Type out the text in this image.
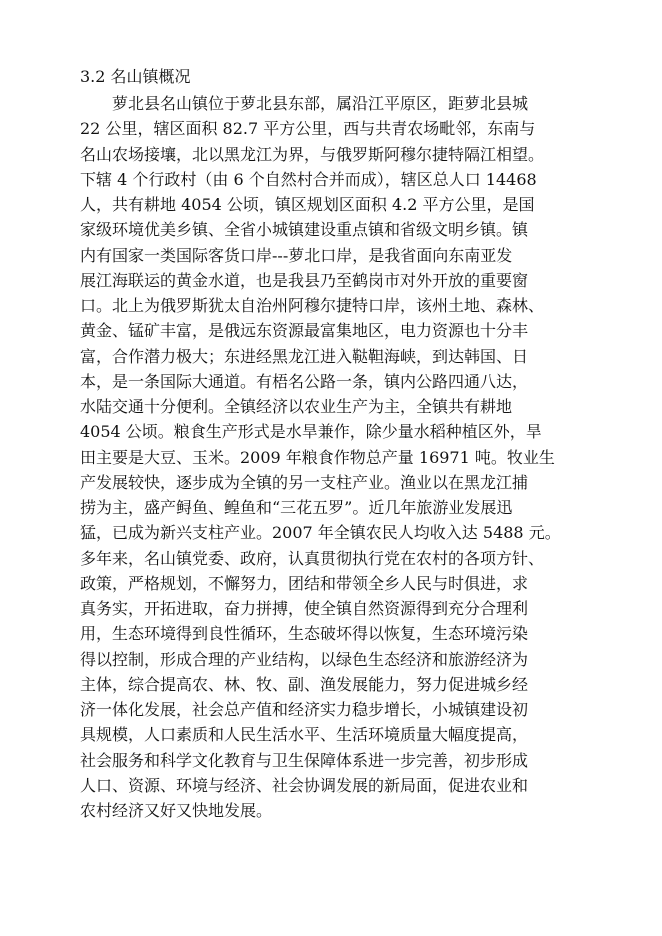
3.2 名山镇概况
萝北县名山镇位于萝北县东部，属沿江平原区，距萝北县城
22 公里，辖区面积 82.7 平方公里，西与共青农场毗邻，东南与
名山农场接壤，北以黑龙江为界，与俄罗斯阿穆尔捷特隔江相望。
下辖 4 个行政村（由 6 个自然村合并而成），辖区总人口 14468
人，共有耕地 4054 公顷，镇区规划区面积 4.2 平方公里，是国
家级环境优美乡镇、全省小城镇建设重点镇和省级文明乡镇。镇
内有国家一类国际客货口岸---萝北口岸，是我省面向东南亚发
展江海联运的黄金水道，也是我县乃至鹤岗市对外开放的重要窗
口。北上为俄罗斯犹太自治州阿穆尔捷特口岸，该州土地、森林、
黄金、锰矿丰富，是俄远东资源最富集地区，电力资源也十分丰
富，合作潜力极大；东进经黑龙江进入鞑靼海峡，到达韩国、日
本，是一条国际大通道。有梧名公路一条，镇内公路四通八达，
水陆交通十分便利。全镇经济以农业生产为主，全镇共有耕地
4054 公顷。粮食生产形式是水旱兼作，除少量水稻种植区外，旱
田主要是大豆、玉米。2009 年粮食作物总产量 16971 吨。牧业生
产发展较快，逐步成为全镇的另一支柱产业。渔业以在黑龙江捕
捞为主，盛产鲟鱼、鳇鱼和“三花五罗”。近几年旅游业发展迅
猛，已成为新兴支柱产业。2007 年全镇农民人均收入达 5488 元。
多年来，名山镇党委、政府，认真贯彻执行党在农村的各项方针、
政策，严格规划，不懈努力，团结和带领全乡人民与时俱进，求
真务实，开拓进取，奋力拼搏，使全镇自然资源得到充分合理利
用，生态环境得到良性循环，生态破坏得以恢复，生态环境污染
得以控制，形成合理的产业结构，以绿色生态经济和旅游经济为
主体，综合提高农、林、牧、副、渔发展能力，努力促进城乡经
济一体化发展，社会总产值和经济实力稳步增长，小城镇建设初
具规模，人口素质和人民生活水平、生活环境质量大幅度提高，
社会服务和科学文化教育与卫生保障体系进一步完善，初步形成
人口、资源、环境与经济、社会协调发展的新局面，促进农业和
农村经济又好又快地发展。
